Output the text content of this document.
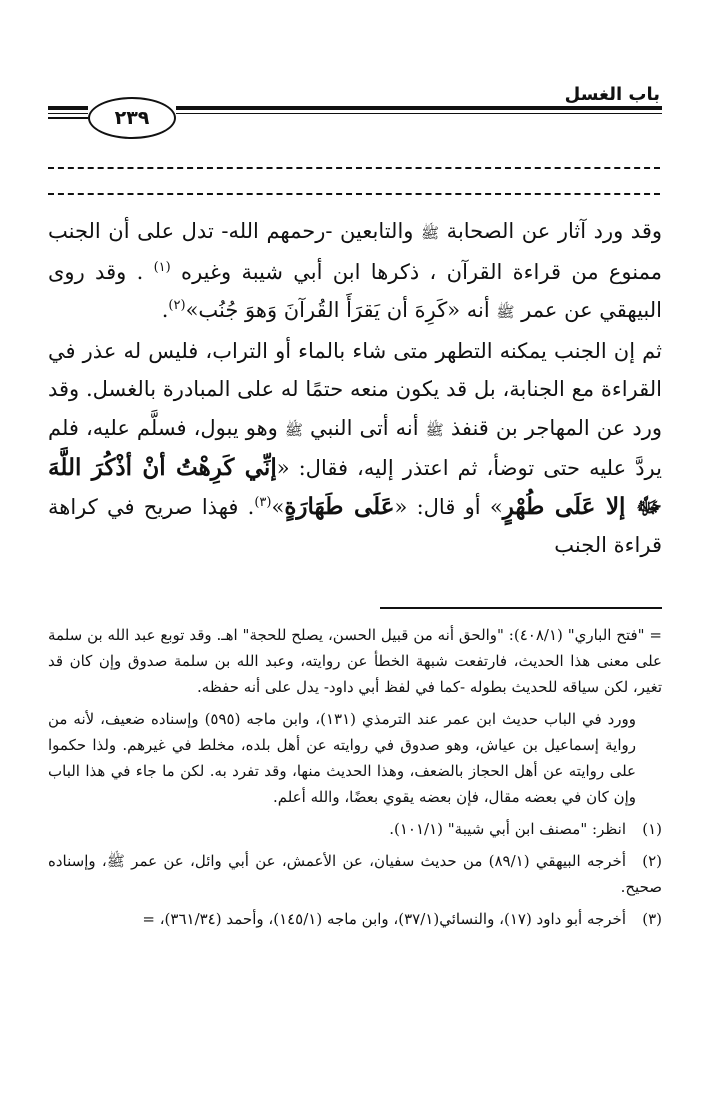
باب الغسل
٢٣٩

وقد ورد آثار عن الصحابة ﷺ والتابعين -رحمهم الله- تدل على أن الجنب ممنوع من قراءة القرآن ، ذكرها ابن أبي شيبة وغيره $^{(١)}$ . وقد روى البيهقي عن عمر ﷺ أنه «كَرِهَ أن يَقرَأَ القُرآنَ وَهوَ جُنُب»$^{(٢)}$.

ثم إن الجنب يمكنه التطهر متى شاء بالماء أو التراب، فليس له عذر في القراءة مع الجنابة، بل قد يكون منعه حتمًا له على المبادرة بالغسل. وقد ورد عن المهاجر بن قنفذ ﷺ أنه أتى النبي ﷺ وهو يبول، فسلَّم عليه، فلم يردَّ عليه حتى توضأ، ثم اعتذر إليه، فقال: «إنِّي كَرِهْتُ أنْ أذْكُرَ اللَّهَ ﷻ إلا عَلَى طُهْرٍ» أو قال: «عَلَى طَهَارَةٍ»$^{(٣)}$. فهذا صريح في كراهة قراءة الجنب

= "فتح الباري" (٤٠٨/١): "والحق أنه من قبيل الحسن، يصلح للحجة" اهـ. وقد توبع عبد الله بن سلمة على معنى هذا الحديث، فارتفعت شبهة الخطأ عن روايته، وعبد الله بن سلمة صدوق وإن كان قد تغير، لكن سياقه للحديث بطوله -كما في لفظ أبي داود- يدل على أنه حفظه.

وورد في الباب حديث ابن عمر عند الترمذي (١٣١)، وابن ماجه (٥٩٥) وإسناده ضعيف، لأنه من رواية إسماعيل بن عياش، وهو صدوق في روايته عن أهل بلده، مخلط في غيرهم. ولذا حكموا على روايته عن أهل الحجاز بالضعف، وهذا الحديث منها، وقد تفرد به. لكن ما جاء في هذا الباب وإن كان في بعضه مقال، فإن بعضه يقوي بعضًا، والله أعلم.

(١)انظر: "مصنف ابن أبي شيبة" (١٠١/١).

(٢)أخرجه البيهقي (٨٩/١) من حديث سفيان، عن الأعمش، عن أبي وائل، عن عمر ﷺ، وإسناده صحيح.

(٣)أخرجه أبو داود (١٧)، والنسائي(٣٧/١)، وابن ماجه (١٤٥/١)، وأحمد (٣٦١/٣٤)، =
